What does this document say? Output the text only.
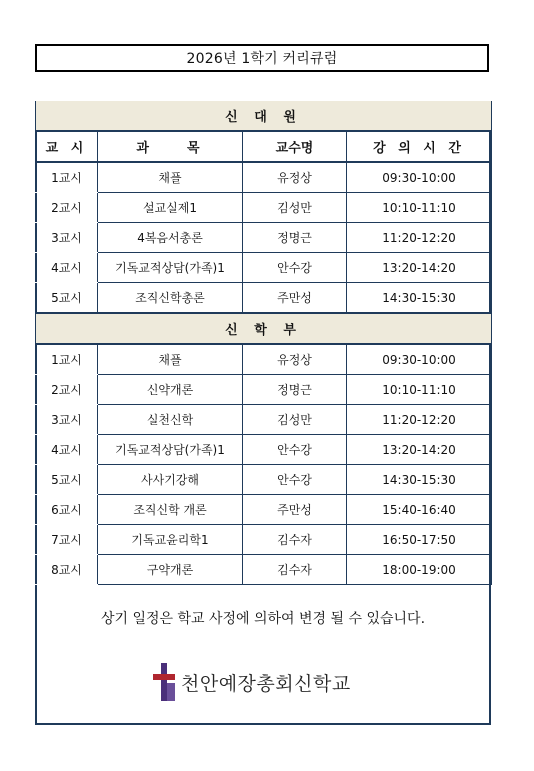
2026년 1학기 커리큐럼
신 대 원			
교 시	과    목	교수명	강 의 시 간
1교시	채플	유정상	09:30-10:00
2교시	설교실제1	김성만	10:10-11:10
3교시	4복음서총론	정명근	11:20-12:20
4교시	기독교적상담(가족)1	안수강	13:20-14:20
5교시	조직신학총론	주만성	14:30-15:30
신 학 부			
1교시	채플	유정상	09:30-10:00
2교시	신약개론	정명근	10:10-11:10
3교시	실천신학	김성만	11:20-12:20
4교시	기독교적상담(가족)1	안수강	13:20-14:20
5교시	사사기강해	안수강	14:30-15:30
6교시	조직신학 개론	주만성	15:40-16:40
7교시	기독교윤리학1	김수자	16:50-17:50
8교시	구약개론	김수자	18:00-19:00
상기 일정은 학교 사정에 의하여 변경 될 수 있습니다.
천안예장총회신학교
